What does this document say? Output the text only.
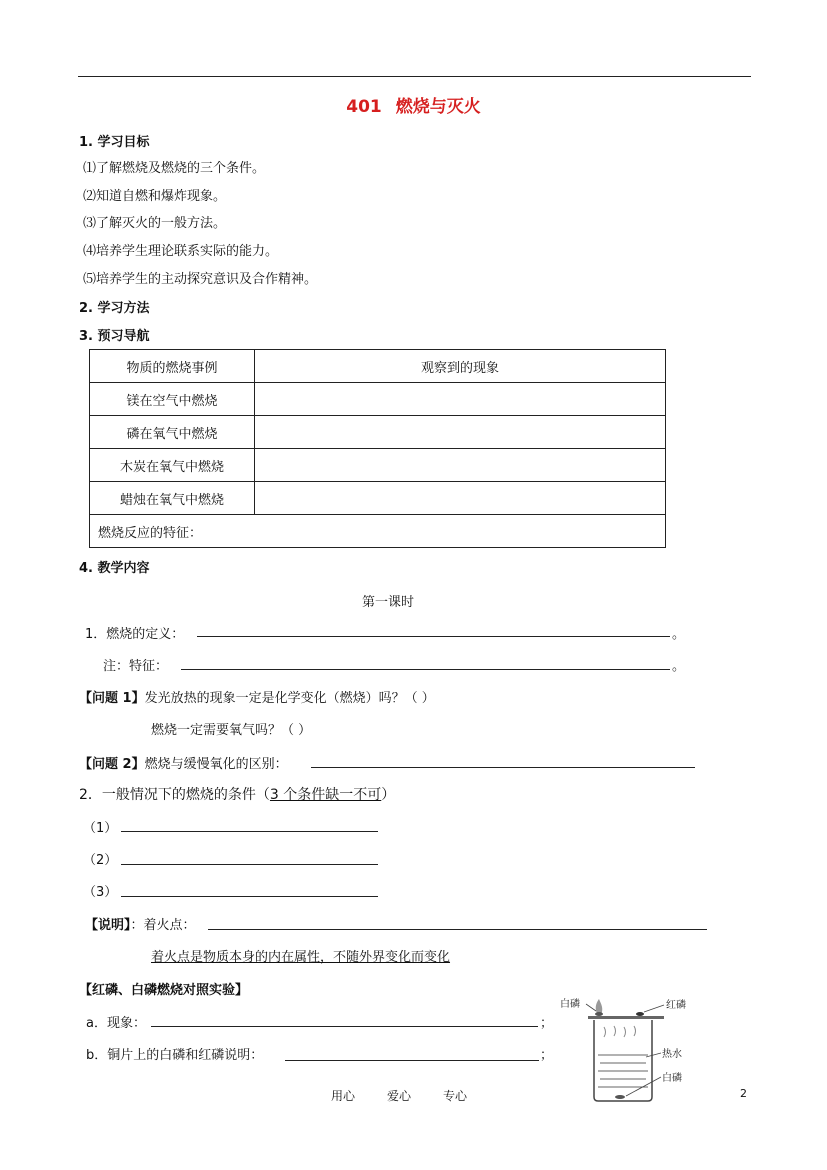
401 燃烧与灭火
1. 学习目标
⑴了解燃烧及燃烧的三个条件。
⑵知道自燃和爆炸现象。
⑶了解灭火的一般方法。
⑷培养学生理论联系实际的能力。
⑸培养学生的主动探究意识及合作精神。
2. 学习方法
3. 预习导航
物质的燃烧事例	观察到的现象
镁在空气中燃烧	
磷在氧气中燃烧	
木炭在氧气中燃烧	
蜡烛在氧气中燃烧	
燃烧反应的特征：	
4. 教学内容
第一课时
1．燃烧的定义：	。
注：特征：	。
【问题 1】发光放热的现象一定是化学变化（燃烧）吗？（ ）
燃烧一定需要氧气吗？（ ）
【问题 2】燃烧与缓慢氧化的区别：
2．一般情况下的燃烧的条件（3 个条件缺一不可）
（1）
（2）
（3）
【说明】：着火点：
着火点是物质本身的内在属性，不随外界变化而变化
【红磷、白磷燃烧对照实验】
a．现象：	；
b．铜片上的白磷和红磷说明：	；
白磷	红磷
热水
白磷
用心	爱心	专心	2
